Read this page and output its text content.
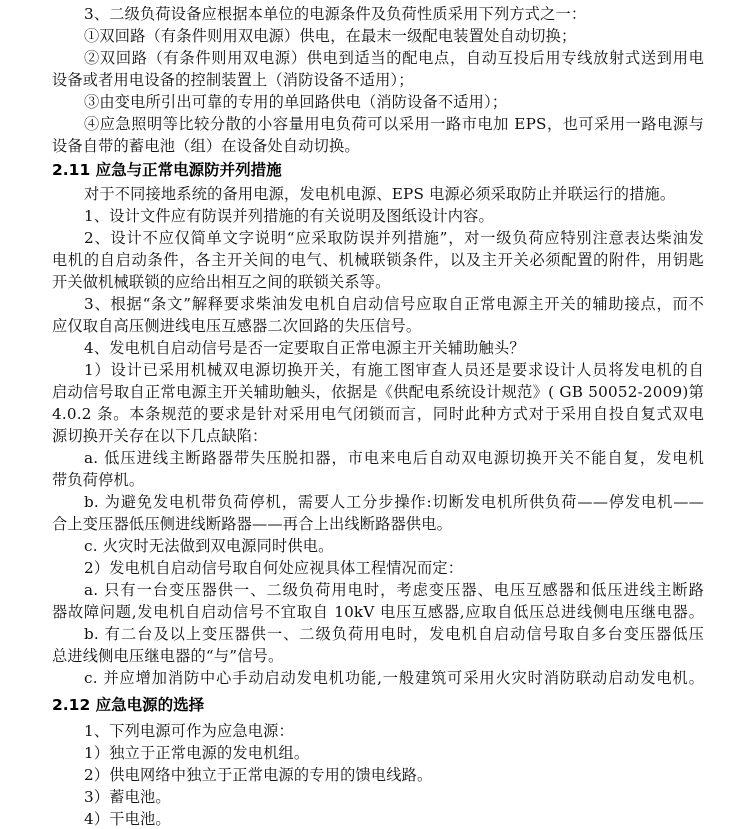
3、二级负荷设备应根据本单位的电源条件及负荷性质采用下列方式之一：
①双回路（有条件则用双电源）供电，在最末一级配电装置处自动切换；
②双回路（有条件则用双电源）供电到适当的配电点，自动互投后用专线放射式送到用电
设备或者用电设备的控制装置上（消防设备不适用）；
③由变电所引出可靠的专用的单回路供电（消防设备不适用）；
④应急照明等比较分散的小容量用电负荷可以采用一路市电加 EPS，也可采用一路电源与
设备自带的蓄电池（组）在设备处自动切换。
2.11 应急与正常电源防并列措施
对于不同接地系统的备用电源，发电机电源、EPS 电源必须采取防止并联运行的措施。
1、设计文件应有防误并列措施的有关说明及图纸设计内容。
2、设计不应仅简单文字说明“应采取防误并列措施”，对一级负荷应特别注意表达柴油发
电机的自启动条件，各主开关间的电气、机械联锁条件，以及主开关必须配置的附件，用钥匙
开关做机械联锁的应给出相互之间的联锁关系等。
3、根据“条文”解释要求柴油发电机自启动信号应取自正常电源主开关的辅助接点，而不
应仅取自高压侧进线电压互感器二次回路的失压信号。
4、发电机自启动信号是否一定要取自正常电源主开关辅助触头？
1）设计已采用机械双电源切换开关，有施工图审查人员还是要求设计人员将发电机的自
启动信号取自正常电源主开关辅助触头，依据是《供配电系统设计规范》( GB 50052-2009)第
4.0.2 条。本条规范的要求是针对采用电气闭锁而言，同时此种方式对于采用自投自复式双电
源切换开关存在以下几点缺陷：
a. 低压进线主断路器带失压脱扣器，市电来电后自动双电源切换开关不能自复，发电机
带负荷停机。
b. 为避免发电机带负荷停机，需要人工分步操作:切断发电机所供负荷——停发电机——
合上变压器低压侧进线断路器——再合上出线断路器供电。
c. 火灾时无法做到双电源同时供电。
2）发电机自启动信号取自何处应视具体工程情况而定：
a. 只有一台变压器供一、二级负荷用电时，考虑变压器、电压互感器和低压进线主断路
器故障问题,发电机自启动信号不宜取自 10kV 电压互感器,应取自低压总进线侧电压继电器。
b. 有二台及以上变压器供一、二级负荷用电时，发电机自启动信号取自多台变压器低压
总进线侧电压继电器的“与”信号。
c. 并应增加消防中心手动启动发电机功能,一般建筑可采用火灾时消防联动启动发电机。
2.12 应急电源的选择
1、下列电源可作为应急电源：
1）独立于正常电源的发电机组。
2）供电网络中独立于正常电源的专用的馈电线路。
3）蓄电池。
4）干电池。
